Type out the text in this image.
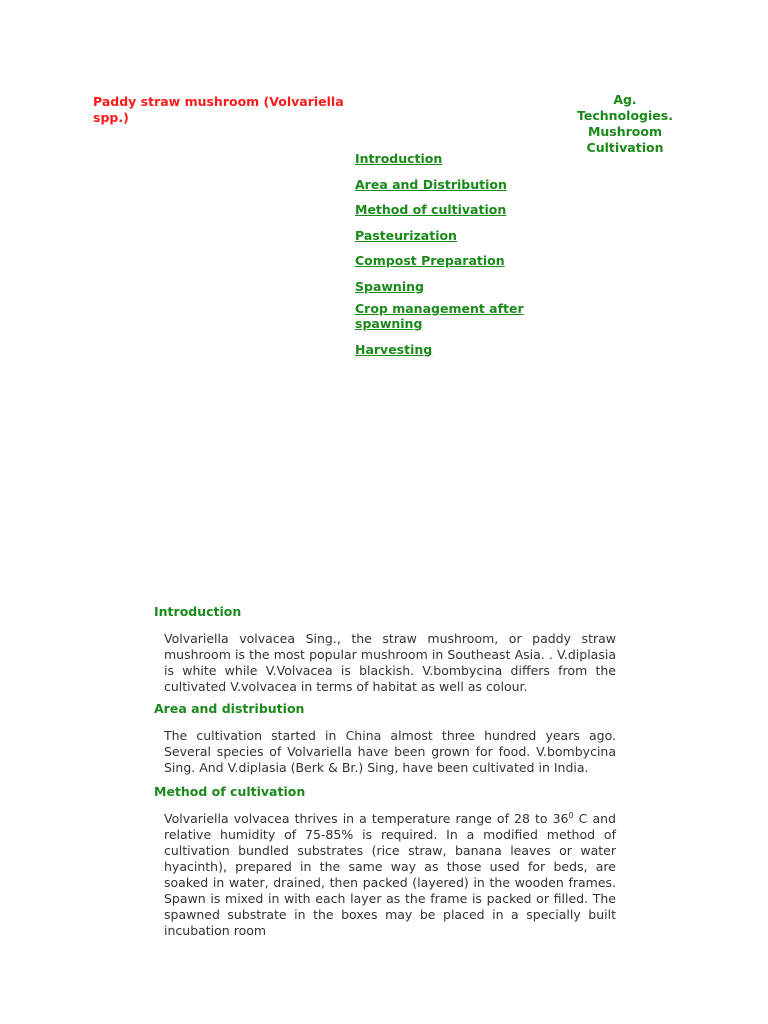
Paddy straw mushroom (Volvariella spp.)
Ag.
Technologies.
Mushroom
Cultivation
Introduction
Area and Distribution
Method of cultivation
Pasteurization
Compost Preparation
Spawning
Crop management after spawning
Harvesting
Introduction

Volvariella volvacea Sing., the straw mushroom, or paddy straw mushroom is the most popular mushroom in Southeast Asia. . V.diplasia is white while V.Volvacea is blackish. V.bombycina differs from the cultivated V.volvacea in terms of habitat as well as colour.

Area and distribution

The cultivation started in China almost three hundred years ago. Several species of Volvariella have been grown for food. V.bombycina Sing. And V.diplasia (Berk & Br.) Sing, have been cultivated in India.

Method of cultivation

Volvariella volvacea thrives in a temperature range of 28 to $36^0$ C and relative humidity of 75-85% is required. In a modified method of cultivation bundled substrates (rice straw, banana leaves or water hyacinth), prepared in the same way as those used for beds, are soaked in water, drained, then packed (layered) in the wooden frames. Spawn is mixed in with each layer as the frame is packed or filled. The spawned substrate in the boxes may be placed in a specially built incubation room
